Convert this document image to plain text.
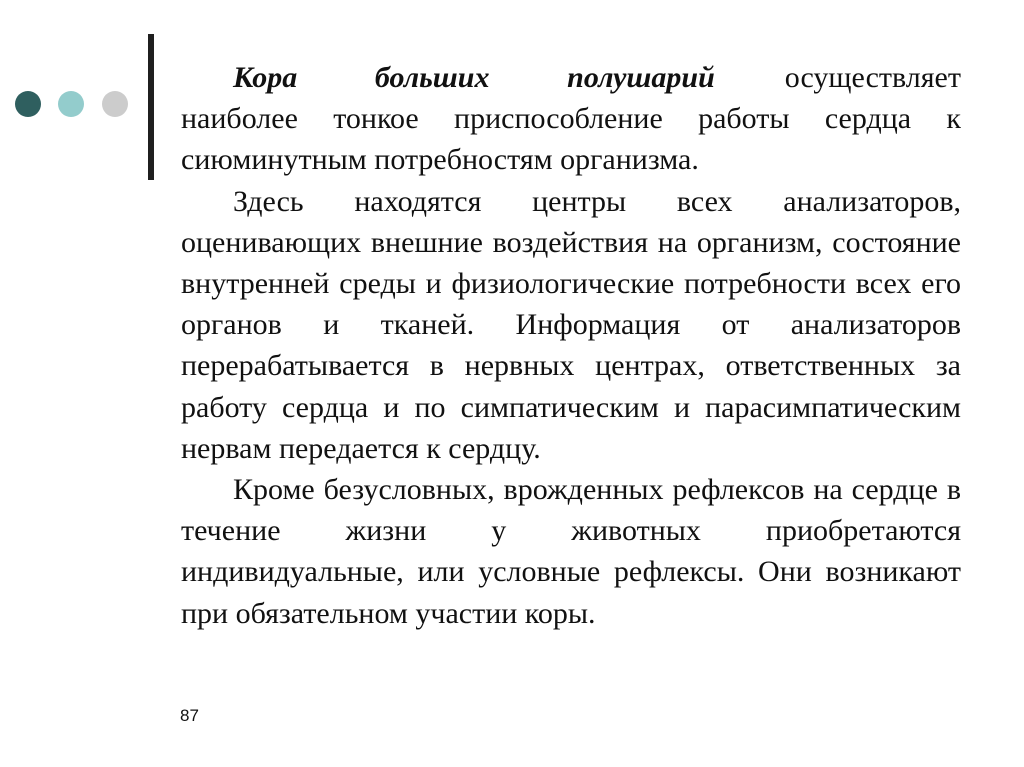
Кора больших полушарий осуществляет наиболее тонкое приспособление работы сердца к сиюминутным потребностям организма.

Здесь находятся центры всех анализаторов, оценивающих внешние воздействия на организм, состояние внутренней среды и физиологические потребности всех его органов и тканей. Информация от анализаторов перерабатывается в нервных центрах, ответственных за работу сердца и по симпатическим и парасимпатическим нервам передается к сердцу.

Кроме безусловных, врожденных рефлексов на сердце в течение жизни у животных приобретаются индивидуальные, или условные рефлексы. Они возникают при обязательном участии коры.

87
